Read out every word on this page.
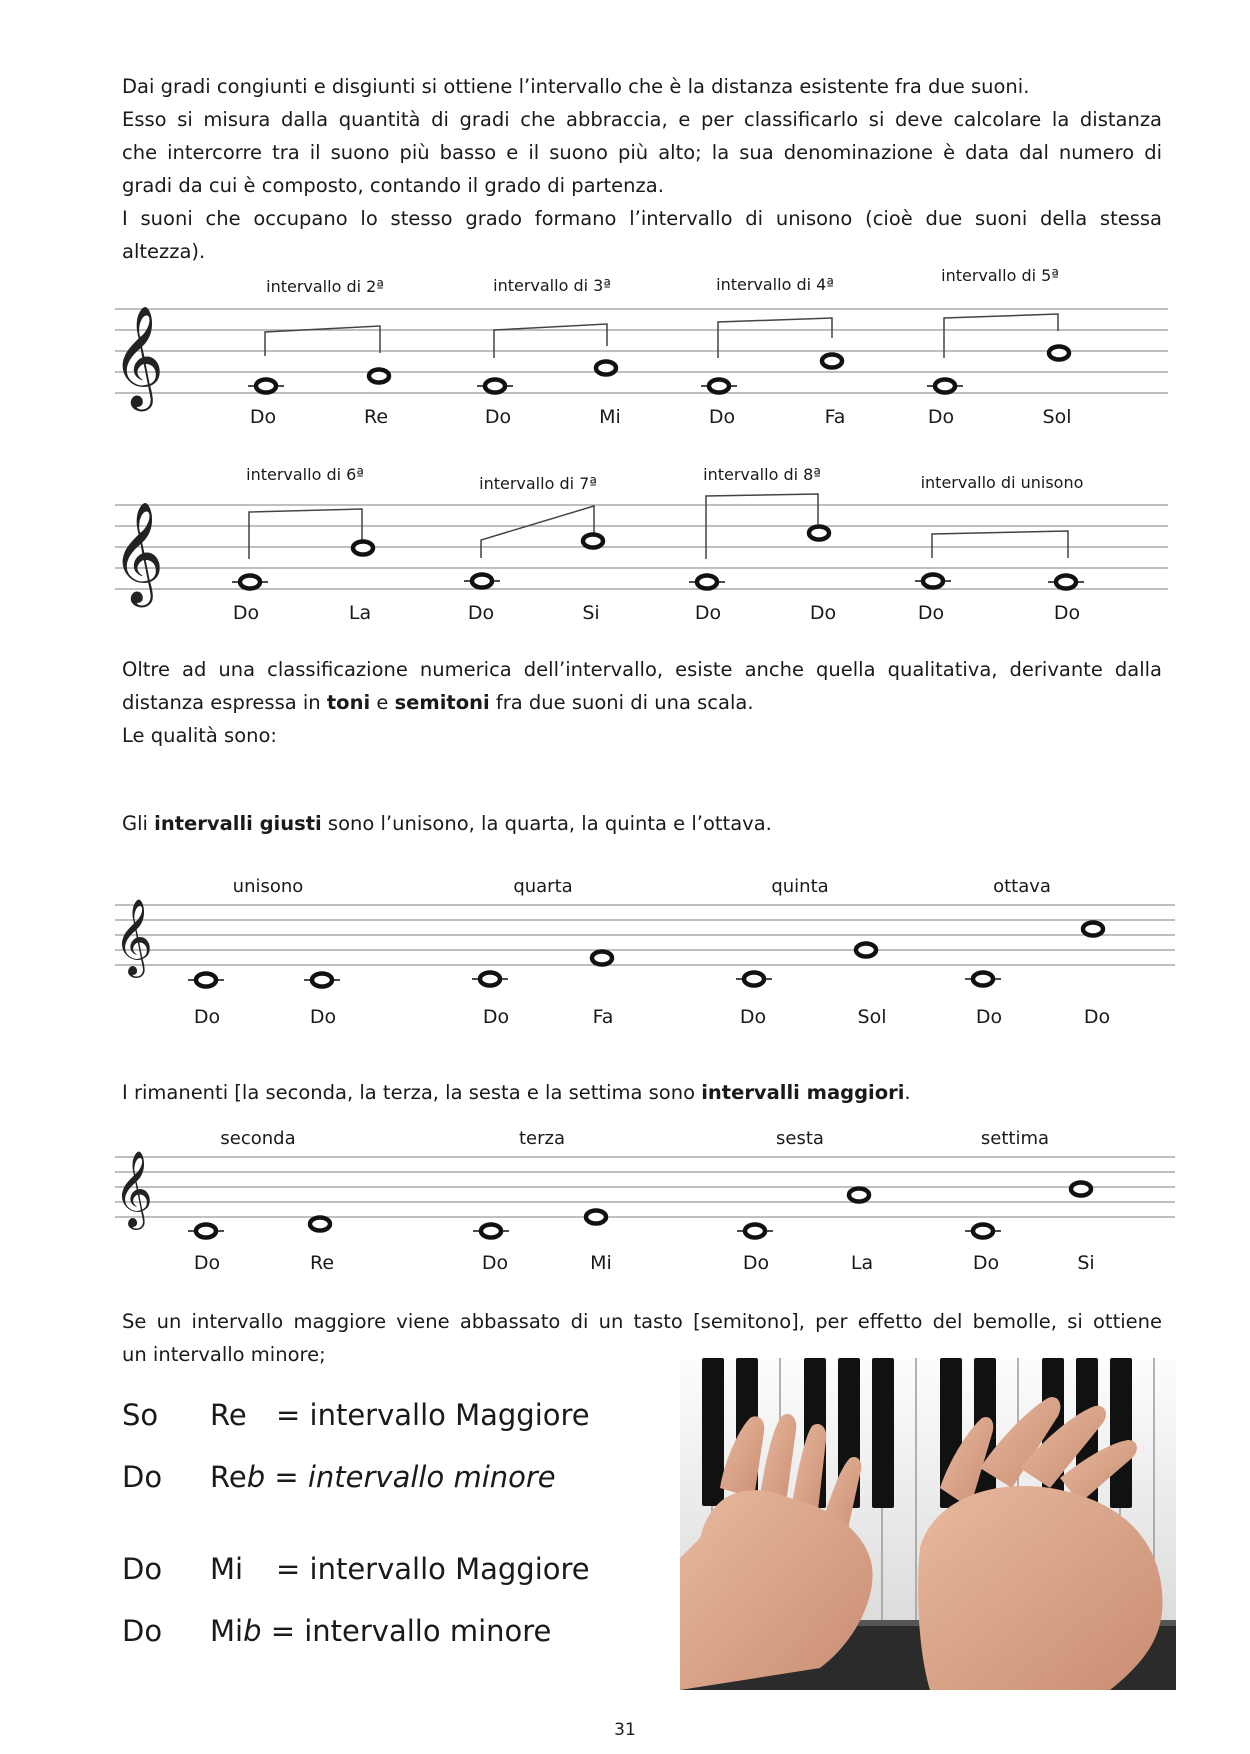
Dai gradi congiunti e disgiunti si ottiene l’intervallo che è la distanza esistente fra due suoni.
Esso si misura dalla quantità di gradi che abbraccia, e per classificarlo si deve calcolare la distanza
che intercorre tra il suono più basso e il suono più alto; la sua denominazione è data dal numero di
gradi da cui è composto, contando il grado di partenza.
I suoni che occupano lo stesso grado formano l’intervallo di unisono (cioè due suoni della stessa
altezza).
𝄞
intervallo di 2ª	intervallo di 3ª	intervallo di 4ª	intervallo di 5ª
Do	Re	Do	Mi	Do	Fa	Do	Sol
𝄞
intervallo di 6ª	intervallo di 7ª	intervallo di 8ª	intervallo di unisono
Do	La	Do	Si	Do	Do	Do	Do
Oltre ad una classificazione numerica dell’intervallo, esiste anche quella qualitativa, derivante dalla
distanza espressa in toni e semitoni fra due suoni di una scala.
Le qualità sono:
Gli intervalli giusti sono l’unisono, la quarta, la quinta e l’ottava.
𝄞
unisono	quarta	quinta	ottava
Do	Do	Do	Fa	Do	Sol	Do	Do
I rimanenti [la seconda, la terza, la sesta e la settima sono intervalli maggiori.
𝄞
seconda	terza	sesta	settima
Do	Re	Do	Mi	Do	La	Do	Si
Se un intervallo maggiore viene abbassato di un tasto [semitono], per effetto del bemolle, si ottiene
un intervallo minore;
So Re = intervallo Maggiore
Do Reb = intervallo minore
Do Mi = intervallo Maggiore
Do Mib = intervallo minore
31
